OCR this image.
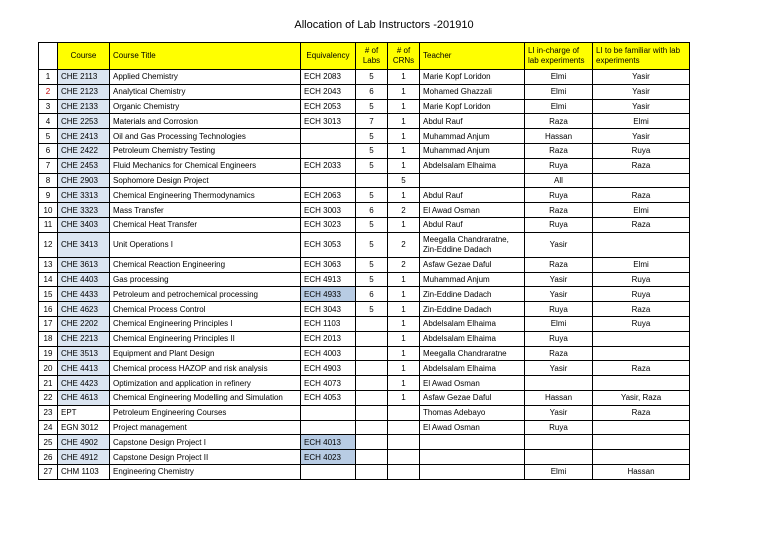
Allocation of Lab Instructors -201910
	Course	Course Title	Equivalency	# of Labs	# of CRNs	Teacher	LI in-charge of lab experiments	LI to be familiar with lab experiments
1	CHE 2113	Applied Chemistry	ECH 2083	5	1	Marie Kopf Loridon	Elmi	Yasir
2	CHE 2123	Analytical Chemistry	ECH 2043	6	1	Mohamed Ghazzali	Elmi	Yasir
3	CHE 2133	Organic Chemistry	ECH 2053	5	1	Marie Kopf Loridon	Elmi	Yasir
4	CHE 2253	Materials and Corrosion	ECH 3013	7	1	Abdul Rauf	Raza	Elmi
5	CHE 2413	Oil and Gas Processing Technologies		5	1	Muhammad Anjum	Hassan	Yasir
6	CHE 2422	Petroleum Chemistry Testing		5	1	Muhammad Anjum	Raza	Ruya
7	CHE 2453	Fluid Mechanics for Chemical Engineers	ECH 2033	5	1	Abdelsalam Elhaima	Ruya	Raza
8	CHE 2903	Sophomore Design Project			5		All	
9	CHE 3313	Chemical Engineering Thermodynamics	ECH 2063	5	1	Abdul Rauf	Ruya	Raza
10	CHE 3323	Mass Transfer	ECH 3003	6	2	El Awad Osman	Raza	Elmi
11	CHE 3403	Chemical Heat Transfer	ECH 3023	5	1	Abdul Rauf	Ruya	Raza
12	CHE 3413	Unit Operations I	ECH 3053	5	2	Meegalla Chandraratne, Zin-Eddine Dadach	Yasir	
13	CHE 3613	Chemical Reaction Engineering	ECH 3063	5	2	Asfaw Gezae Daful	Raza	Elmi
14	CHE 4403	Gas processing	ECH 4913	5	1	Muhammad Anjum	Yasir	Ruya
15	CHE 4433	Petroleum and petrochemical processing	ECH 4933	6	1	Zin-Eddine Dadach	Yasir	Ruya
16	CHE 4623	Chemical Process Control	ECH 3043	5	1	Zin-Eddine Dadach	Ruya	Raza
17	CHE 2202	Chemical Engineering Principles I	ECH 1103		1	Abdelsalam Elhaima	Elmi	Ruya
18	CHE 2213	Chemical Engineering Principles II	ECH 2013		1	Abdelsalam Elhaima	Ruya	
19	CHE 3513	Equipment and Plant Design	ECH 4003		1	Meegalla Chandraratne	Raza	
20	CHE 4413	Chemical process HAZOP and risk analysis	ECH 4903		1	Abdelsalam Elhaima	Yasir	Raza
21	CHE 4423	Optimization and application in refinery	ECH 4073		1	El Awad Osman		
22	CHE 4613	Chemical Engineering Modelling and Simulation	ECH 4053		1	Asfaw Gezae Daful	Hassan	Yasir, Raza
23	EPT	Petroleum Engineering Courses				Thomas Adebayo	Yasir	Raza
24	EGN 3012	Project management				El Awad Osman	Ruya	
25	CHE 4902	Capstone Design Project I	ECH 4013					
26	CHE 4912	Capstone Design Project II	ECH 4023					
27	CHM 1103	Engineering Chemistry					Elmi	Hassan
